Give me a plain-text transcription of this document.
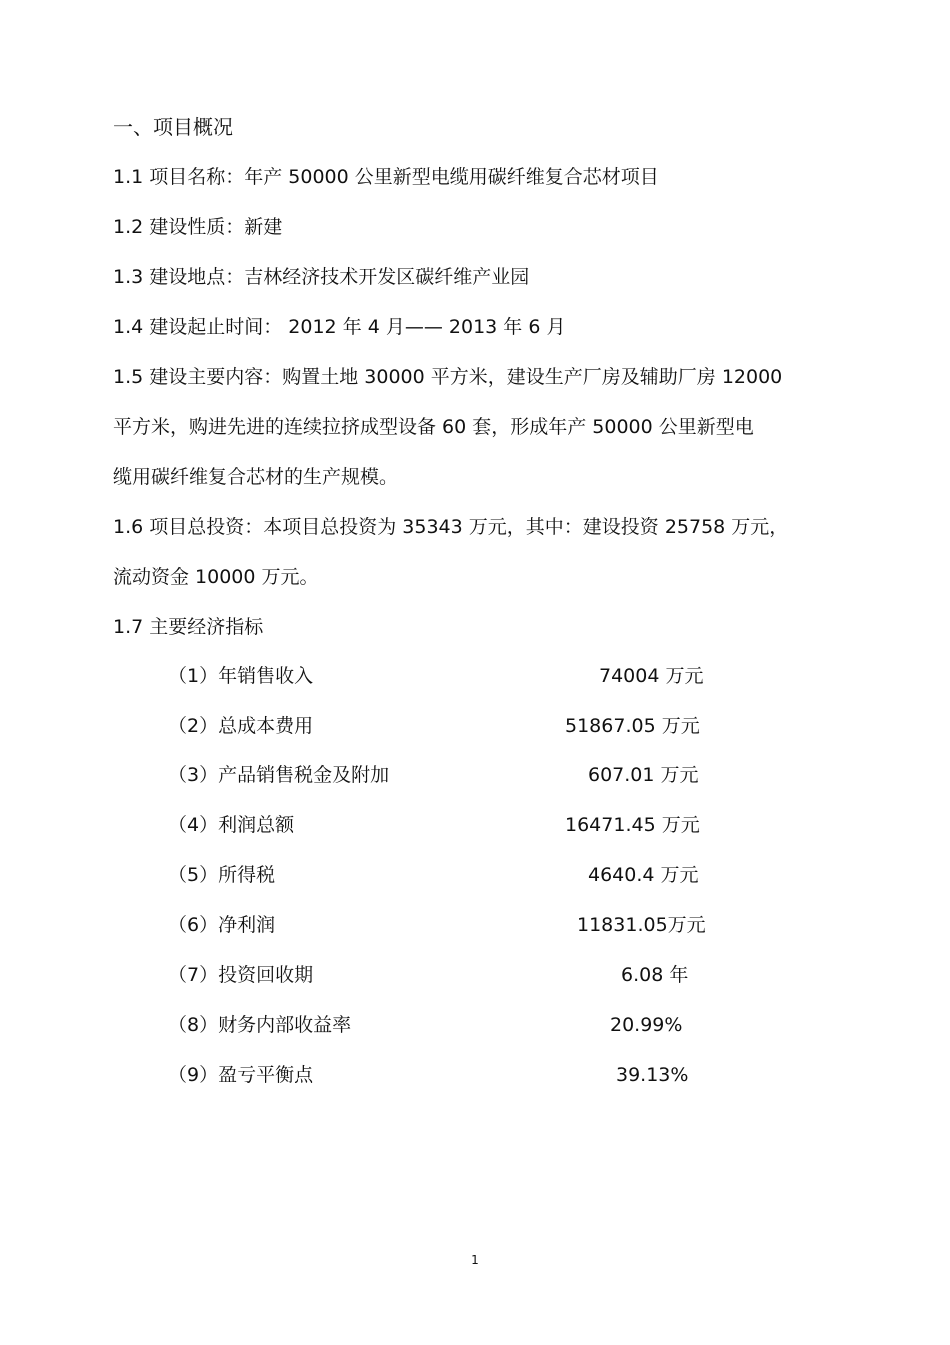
一、项目概况
1.1 项目名称：年产 50000 公里新型电缆用碳纤维复合芯材项目
1.2 建设性质：新建
1.3 建设地点：吉林经济技术开发区碳纤维产业园
1.4 建设起止时间： 2012 年 4 月—— 2013 年 6 月
1.5 建设主要内容：购置土地 30000 平方米，建设生产厂房及辅助厂房 12000
平方米，购进先进的连续拉挤成型设备 60 套，形成年产 50000 公里新型电
缆用碳纤维复合芯材的生产规模。
1.6 项目总投资：本项目总投资为 35343 万元，其中：建设投资 25758 万元，
流动资金 10000 万元。
1.7 主要经济指标
（1）年销售收入	74004 万元
（2）总成本费用	51867.05 万元
（3）产品销售税金及附加	607.01 万元
（4）利润总额	16471.45 万元
（5）所得税	4640.4 万元
（6）净利润	11831.05万元
（7）投资回收期	6.08 年
（8）财务内部收益率	20.99%
（9）盈亏平衡点	39.13%
1
